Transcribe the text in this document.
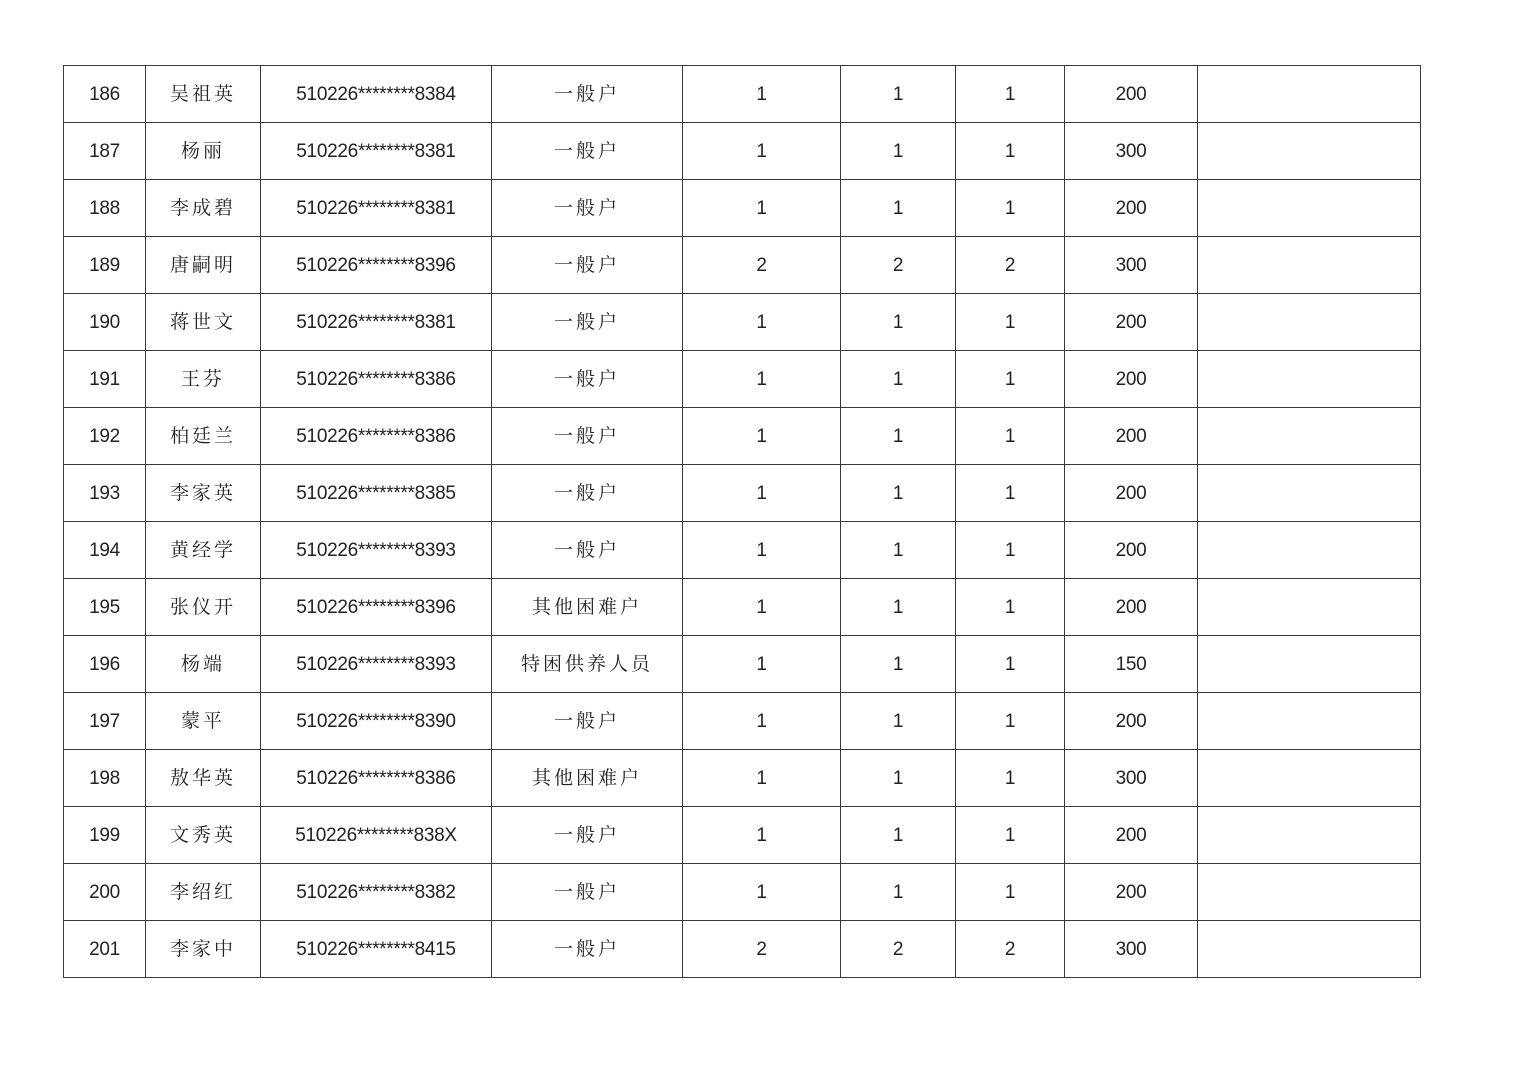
186	吴祖英	510226********8384	一般户	1	1	1	200	
187	杨丽	510226********8381	一般户	1	1	1	300	
188	李成碧	510226********8381	一般户	1	1	1	200	
189	唐嗣明	510226********8396	一般户	2	2	2	300	
190	蒋世文	510226********8381	一般户	1	1	1	200	
191	王芬	510226********8386	一般户	1	1	1	200	
192	柏廷兰	510226********8386	一般户	1	1	1	200	
193	李家英	510226********8385	一般户	1	1	1	200	
194	黄经学	510226********8393	一般户	1	1	1	200	
195	张仪开	510226********8396	其他困难户	1	1	1	200	
196	杨端	510226********8393	特困供养人员	1	1	1	150	
197	蒙平	510226********8390	一般户	1	1	1	200	
198	敖华英	510226********8386	其他困难户	1	1	1	300	
199	文秀英	510226********838X	一般户	1	1	1	200	
200	李绍红	510226********8382	一般户	1	1	1	200	
201	李家中	510226********8415	一般户	2	2	2	300	
